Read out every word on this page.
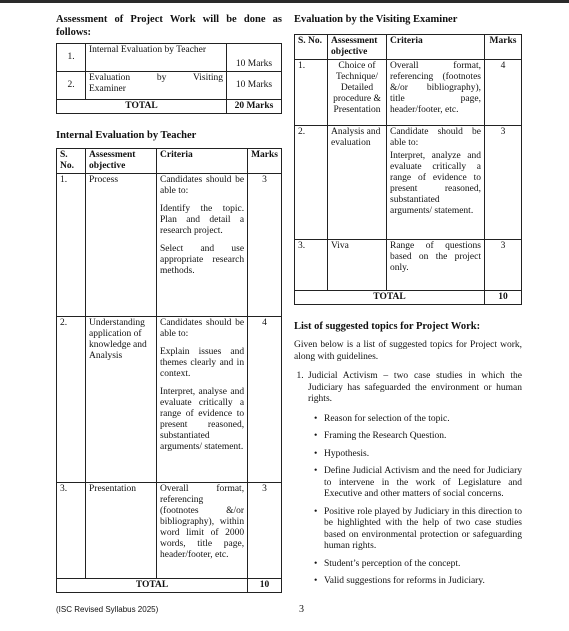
Assessment of Project Work will be done as follows:
1.	Internal Evaluation by Teacher	10 Marks
2.	Evaluation by Visiting
Examiner	10 Marks
TOTAL		20 Marks
Internal Evaluation by Teacher
S. No.	Assessment objective	Criteria	Marks
1.	Process	Candidates should be able to:

Identify the topic. Plan and detail a research project.

Select and use appropriate research methods.	3
2.	Understanding application of knowledge and Analysis	Candidates should be able to:

Explain issues and themes clearly and in context.

Interpret, analyse and evaluate critically a range of evidence to present reasoned, substantiated arguments/ statement.	4
3.	Presentation	Overall format, referencing (footnotes &/or bibliography), within word limit of 2000 words, title page, header/footer, etc.	3
TOTAL			10
Evaluation by the Visiting Examiner
S. No.	Assessment objective	Criteria	Marks
1.	Choice of Technique/ Detailed procedure & Presentation	Overall format, referencing (footnotes &/or bibliography), title page, header/footer, etc.	4
2.	Analysis and evaluation	Candidate should be able to:

Interpret, analyze and evaluate critically a range of evidence to present reasoned, substantiated arguments/ statement.	3
3.	Viva	Range of questions based on the project only.	3
TOTAL			10
List of suggested topics for Project Work:
Given below is a list of suggested topics for Project work, along with guidelines.
1. Judicial Activism – two case studies in which the Judiciary has safeguarded the environment or human rights.
• Reason for selection of the topic.
• Framing the Research Question.
• Hypothesis.
• Define Judicial Activism and the need for Judiciary to intervene in the work of Legislature and Executive and other matters of social concerns.
• Positive role played by Judiciary in this direction to be highlighted with the help of two case studies based on environmental protection or safeguarding human rights.
• Student’s perception of the concept.
• Valid suggestions for reforms in Judiciary.
(ISC Revised Syllabus 2025)	3
